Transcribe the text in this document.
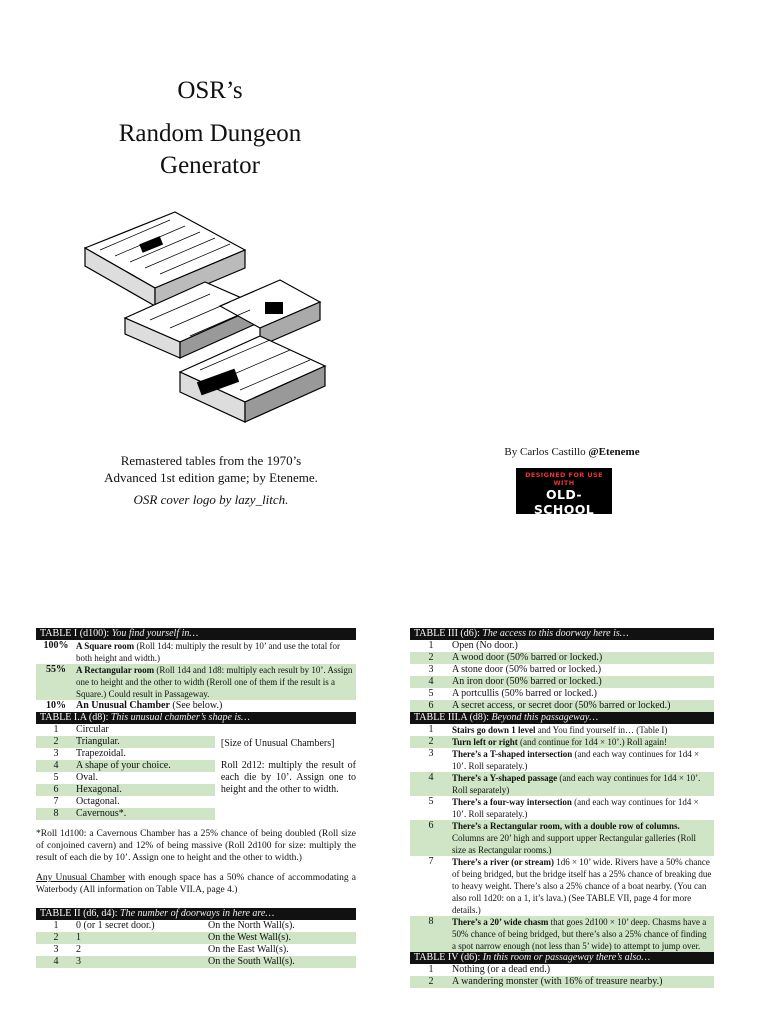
OSR’s
Random Dungeon
Generator
Remastered tables from the 1970’s
Advanced 1st edition game; by Eteneme.
OSR cover logo by lazy_litch.
By Carlos Castillo @Eteneme
DESIGNED FOR USE WITH
OLD-SCHOOL
ESSENTIALS
TABLE I (d100): You find yourself in…
100% A Square room (Roll 1d4: multiply the result by 10’ and use the total for both height and width.)
55%	A Rectangular room (Roll 1d4 and 1d8: multiply each result by 10’. Assign one to height and the other to width (Reroll one of them if the result is a Square.) Could result in Passageway.
10%	An Unusual Chamber (See below.)
TABLE I.A (d8): This unusual chamber’s shape is…
1	Circular
2	Triangular.
3	Trapezoidal.
4	A shape of your choice.
5	Oval.
6	Hexagonal.
7	Octagonal.
8	Cavernous*.
[Size of Unusual Chambers]
Roll 2d12: multiply the result of each die by 10’. Assign one to height and the other to width.
*Roll 1d100: a Cavernous Chamber has a 25% chance of being doubled (Roll size of conjoined cavern) and 12% of being massive (Roll 2d100 for size: multiply the result of each die by 10’. Assign one to height and the other to width.)
Any Unusual Chamber with enough space has a 50% chance of accommodating a Waterbody (All information on Table VII.A, page 4.)
TABLE II (d6, d4): The number of doorways in here are…
1	0 (or 1 secret door.)	On the North Wall(s).
2	1	On the West Wall(s).
3	2	On the East Wall(s).
4	3	On the South Wall(s).
TABLE III (d6): The access to this doorway here is…
1	Open (No door.)
2	A wood door (50% barred or locked.)
3	A stone door (50% barred or locked.)
4	An iron door (50% barred or locked.)
5	A portcullis (50% barred or locked.)
6	A secret access, or secret door (50% barred or locked.)
TABLE III.A (d8): Beyond this passageway…
1	Stairs go down 1 level and You find yourself in… (Table I)
2	Turn left or right (and continue for 1d4 × 10’.) Roll again!
3	There’s a T-shaped intersection (and each way continues for 1d4 × 10’. Roll separately.)
4	There’s a Y-shaped passage (and each way continues for 1d4 × 10’. Roll separately)
5	There’s a four-way intersection (and each way continues for 1d4 × 10’. Roll separately.)
6	There’s a Rectangular room, with a double row of columns. Columns are 20’ high and support upper Rectangular galleries (Roll size as Rectangular rooms.)
7	There’s a river (or stream) 1d6 × 10’ wide. Rivers have a 50% chance of being bridged, but the bridge itself has a 25% chance of breaking due to heavy weight. There’s also a 25% chance of a boat nearby. (You can also roll 1d20: on a 1, it’s lava.) (See TABLE VII, page 4 for more details.)
8	There’s a 20’ wide chasm that goes 2d100 × 10’ deep. Chasms have a 50% chance of being bridged, but there’s also a 25% chance of finding a spot narrow enough (not less than 5’ wide) to attempt to jump over.
TABLE IV (d6): In this room or passageway there’s also…
1	Nothing (or a dead end.)
2	A wandering monster (with 16% of treasure nearby.)
